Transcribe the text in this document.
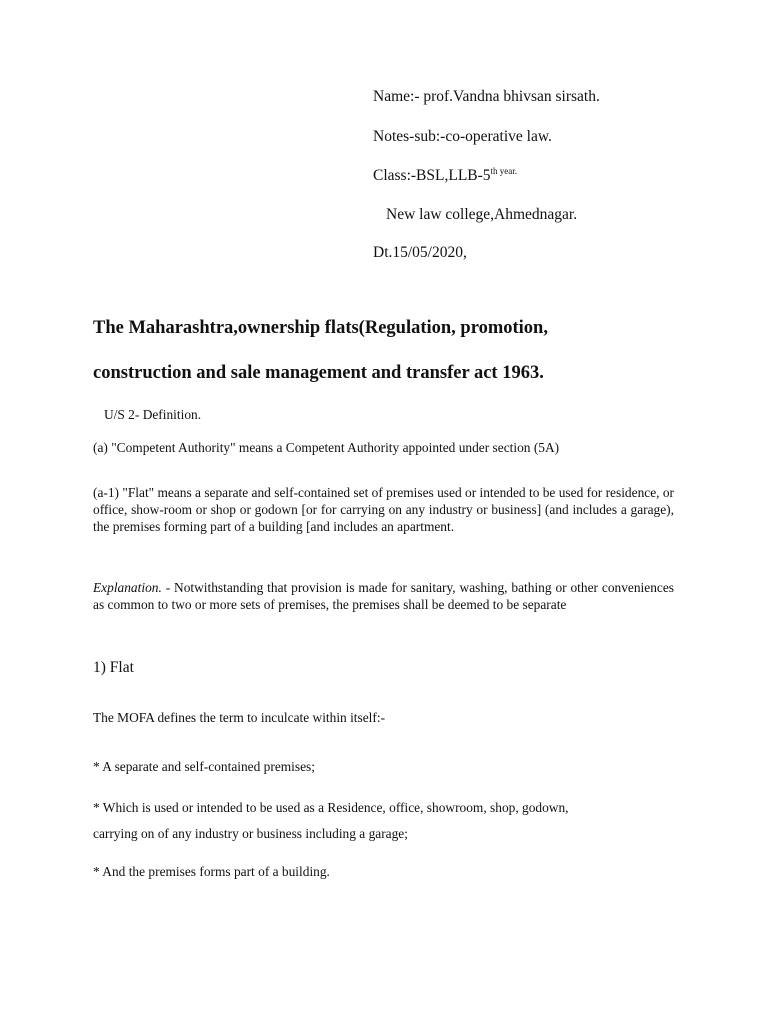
Name:- prof.Vandna bhivsan sirsath.
Notes-sub:-co-operative law.
$Class:-BSL,LLB-5^{th year.}$
New law college,Ahmednagar.
Dt.15/05/2020,
The Maharashtra,ownership flats(Regulation, promotion,
construction and sale management and transfer act 1963.
U/S 2- Definition.
(a) "Competent Authority" means a Competent Authority appointed under section (5A)
(a-1) "Flat" means a separate and self-contained set of premises used or intended to be used for residence, or office, show-room or shop or godown [or for carrying on any industry or business] (and includes a garage), the premises forming part of a building [and includes an apartment.
Explanation. - Notwithstanding that provision is made for sanitary, washing, bathing or other conveniences as common to two or more sets of premises, the premises shall be deemed to be separate
1) Flat
The MOFA defines the term to inculcate within itself:-
* A separate and self-contained premises;
* Which is used or intended to be used as a Residence, office, showroom, shop, godown,
carrying on of any industry or business including a garage;
* And the premises forms part of a building.
